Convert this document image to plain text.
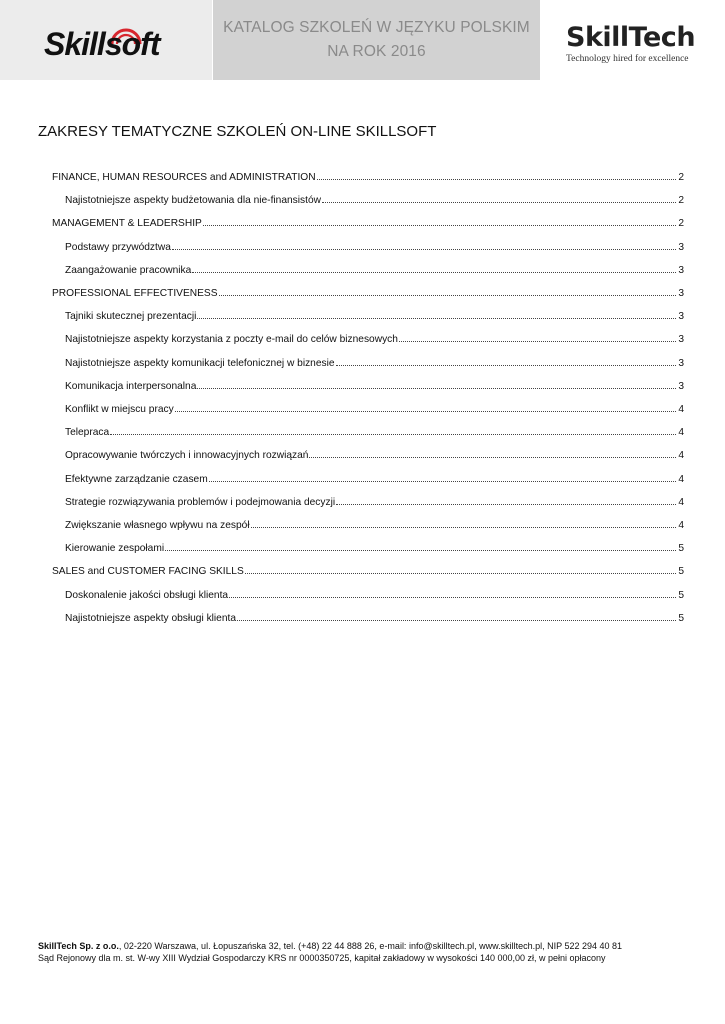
Skillsoft	KATALOG SZKOLEŃ W JĘZYKU POLSKIM
NA ROK 2016	SkillTech
Technology hired for excellence
ZAKRESY TEMATYCZNE SZKOLEŃ ON-LINE SKILLSOFT
FINANCE, HUMAN RESOURCES and ADMINISTRATION	2
Najistotniejsze aspekty budżetowania dla nie-finansistów	2
MANAGEMENT & LEADERSHIP	2
Podstawy przywództwa	3
Zaangażowanie pracownika	3
PROFESSIONAL EFFECTIVENESS	3
Tajniki skutecznej prezentacji	3
Najistotniejsze aspekty korzystania z poczty e-mail do celów biznesowych	3
Najistotniejsze aspekty komunikacji telefonicznej w biznesie	3
Komunikacja interpersonalna	3
Konflikt w miejscu pracy	4
Telepraca	4
Opracowywanie twórczych i innowacyjnych rozwiązań	4
Efektywne zarządzanie czasem	4
Strategie rozwiązywania problemów i podejmowania decyzji	4
Zwiększanie własnego wpływu na zespół	4
Kierowanie zespołami	5
SALES and CUSTOMER FACING SKILLS	5
Doskonalenie jakości obsługi klienta	5
Najistotniejsze aspekty obsługi klienta	5
SkillTech Sp. z o.o., 02-220 Warszawa, ul. Łopuszańska 32, tel. (+48) 22 44 888 26, e-mail: info@skilltech.pl, www.skilltech.pl, NIP 522 294 40 81
Sąd Rejonowy dla m. st. W-wy XIII Wydział Gospodarczy KRS nr 0000350725, kapitał zakładowy w wysokości 140 000,00 zł, w pełni opłacony
